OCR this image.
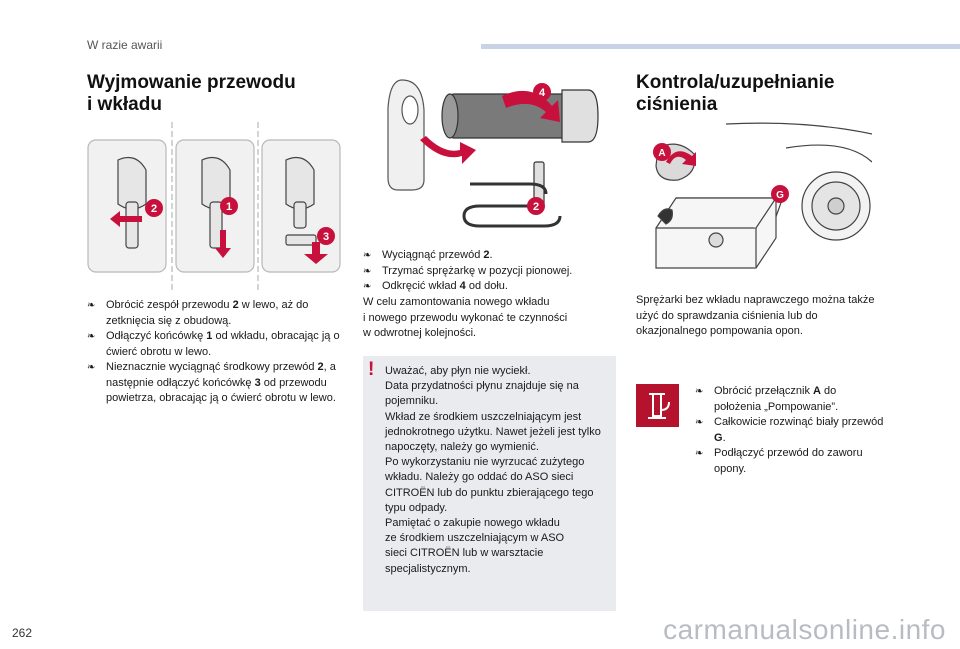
W razie awarii
Wyjmowanie przewodu
i wkładu
Kontrola/uzupełnianie
ciśnienia
2	1
3
❧ Obrócić zespół przewodu 2 w lewo, aż do zetknięcia się z obudową.
❧ Odłączyć końcówkę 1 od wkładu, obracając ją o ćwierć obrotu w lewo.
❧ Nieznacznie wyciągnąć środkowy przewód 2, a następnie odłączyć końcówkę 3 od przewodu powietrza, obracając ją o ćwierć obrotu w lewo.
4
2
❧ Wyciągnąć przewód 2.
❧ Trzymać sprężarkę w pozycji pionowej.
❧ Odkręcić wkład 4 od dołu.
W celu zamontowania nowego wkładu
i nowego przewodu wykonać te czynności
w odwrotnej kolejności.
! Uważać, aby płyn nie wyciekł.
Data przydatności płynu znajduje się na pojemniku.
Wkład ze środkiem uszczelniającym jest jednokrotnego użytku. Nawet jeżeli jest tylko napoczęty, należy go wymienić.
Po wykorzystaniu nie wyrzucać zużytego wkładu. Należy go oddać do ASO sieci CITROËN lub do punktu zbierającego tego typu odpady.
Pamiętać o zakupie nowego wkładu
ze środkiem uszczelniającym w ASO
sieci CITROËN lub w warsztacie specjalistycznym.
A
G
Sprężarki bez wkładu naprawczego można także użyć do sprawdzania ciśnienia lub do okazjonalnego pompowania opon.
❧ Obrócić przełącznik A do położenia „Pompowanie”.
❧ Całkowicie rozwinąć biały przewód G.
❧ Podłączyć przewód do zaworu opony.
262	carmanualsonline.info
